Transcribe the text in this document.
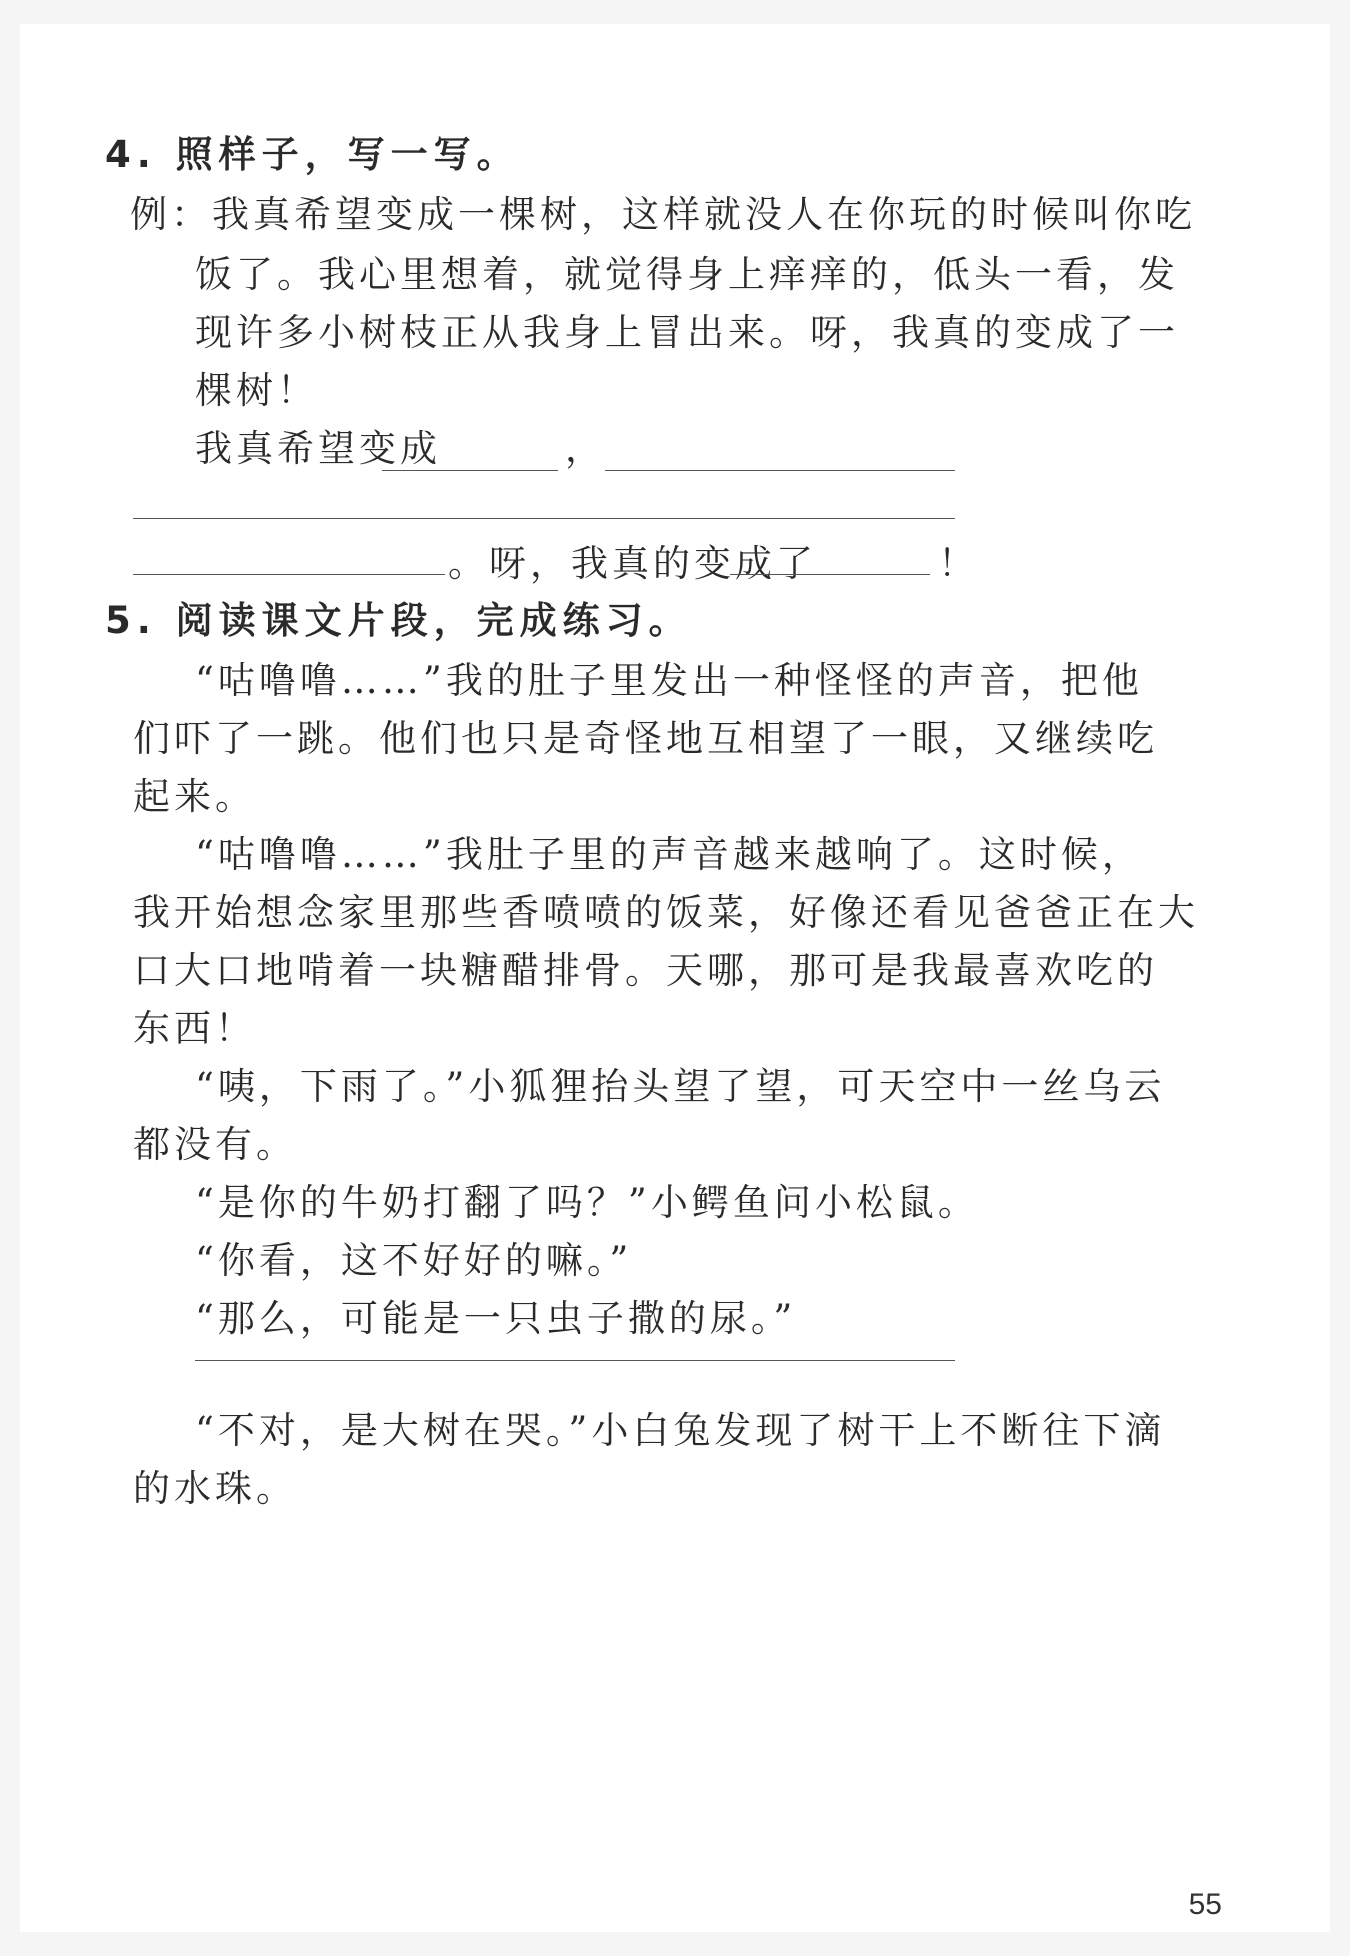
4. 照样子，写一写。
例：我真希望变成一棵树，这样就没人在你玩的时候叫你吃
饭了。我心里想着，就觉得身上痒痒的，低头一看，发
现许多小树枝正从我身上冒出来。呀，我真的变成了一
棵树！
我真希望变成	，
。呀，我真的变成了	！
5. 阅读课文片段，完成练习。
“咕噜噜……”我的肚子里发出一种怪怪的声音，把他
们吓了一跳。他们也只是奇怪地互相望了一眼，又继续吃
起来。
“咕噜噜……”我肚子里的声音越来越响了。这时候，
我开始想念家里那些香喷喷的饭菜，好像还看见爸爸正在大
口大口地啃着一块糖醋排骨。天哪，那可是我最喜欢吃的
东西！
“咦，下雨了。”小狐狸抬头望了望，可天空中一丝乌云
都没有。
“是你的牛奶打翻了吗？”小鳄鱼问小松鼠。
“你看，这不好好的嘛。”
“那么，可能是一只虫子撒的尿。”
“不对，是大树在哭。”小白兔发现了树干上不断往下滴
的水珠。
55
